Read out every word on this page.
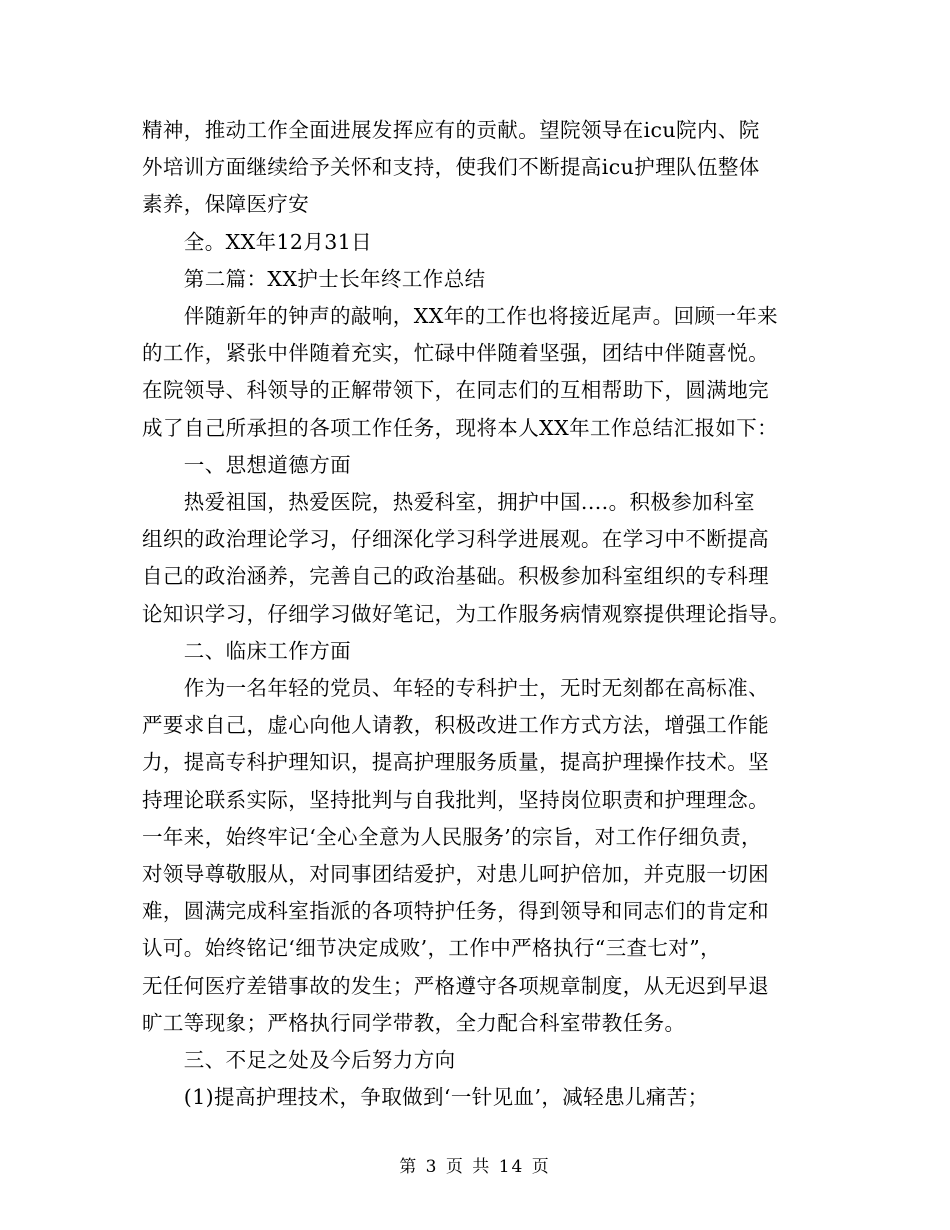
精神，推动工作全面进展发挥应有的贡献。望院领导在icu院内、院
外培训方面继续给予关怀和支持，使我们不断提高icu护理队伍整体
素养，保障医疗安
　　全。XX年12月31日
　　第二篇：XX护士长年终工作总结
　　伴随新年的钟声的敲响，XX年的工作也将接近尾声。回顾一年来
的工作，紧张中伴随着充实，忙碌中伴随着坚强，团结中伴随喜悦。
在院领导、科领导的正解带领下，在同志们的互相帮助下，圆满地完
成了自己所承担的各项工作任务，现将本人XX年工作总结汇报如下：
　　一、思想道德方面
　　热爱祖国，热爱医院，热爱科室，拥护中国....。积极参加科室
组织的政治理论学习，仔细深化学习科学进展观。在学习中不断提高
自己的政治涵养，完善自己的政治基础。积极参加科室组织的专科理
论知识学习，仔细学习做好笔记，为工作服务病情观察提供理论指导。
　　二、临床工作方面
　　作为一名年轻的党员、年轻的专科护士，无时无刻都在高标准、
严要求自己，虚心向他人请教，积极改进工作方式方法，增强工作能
力，提高专科护理知识，提高护理服务质量，提高护理操作技术。坚
持理论联系实际，坚持批判与自我批判，坚持岗位职责和护理理念。
一年来，始终牢记‘全心全意为人民服务’的宗旨，对工作仔细负责，
对领导尊敬服从，对同事团结爱护，对患儿呵护倍加，并克服一切困
难，圆满完成科室指派的各项特护任务，得到领导和同志们的肯定和
认可。始终铭记‘细节决定成败’，工作中严格执行“三查七对”，
无任何医疗差错事故的发生；严格遵守各项规章制度，从无迟到早退
旷工等现象；严格执行同学带教，全力配合科室带教任务。
　　三、不足之处及今后努力方向
　　(1)提高护理技术，争取做到‘一针见血’，减轻患儿痛苦；
第 3 页 共 14 页
